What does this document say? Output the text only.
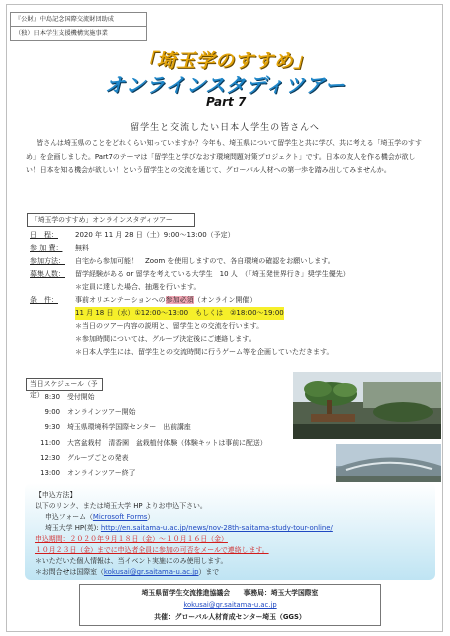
『公財』中島記念国際交流財団助成
（独）日本学生支援機構実施事業
「埼玉学のすすめ」
オンラインスタディツアー
Part 7
留学生と交流したい日本人学生の皆さんへ
皆さんは埼玉県のことをどれくらい知っていますか？今年も、埼玉県について留学生と共に学び、共に考える「埼玉学のすすめ」を企画しました。Part7のテーマは「留学生と学びなおす環境問題対策プロジェクト」です。日本の友人を作る機会が欲しい！日本を知る機会が欲しい！という留学生との交流を通じて、グローバル人材への第一歩を踏み出してみませんか。
「埼玉学のすすめ」オンラインスタディツアー
日　程：	2020 年 11 月 28 日（土）9:00～13:00（予定）
参 加 費：	無料
参加方法：	自宅から参加可能！　Zoom を使用しますので、各自環境の確認をお願いします。
募集人数：	留学経験がある or 留学を考えている大学生　10 人　（「埼玉発世界行き」奨学生優先）
＊定員に達した場合、抽選を行います。
条　件：	事前オリエンテーションへの参加必須（オンライン開催）
11 月 18 日（水）①12:00～13:00　もしくは　②18:00～19:00
＊当日のツアー内容の説明と、留学生との交流を行います。
＊参加時間については、グループ決定後にご連絡します。
＊日本人学生には、留学生との交流時間に行うゲーム等を企画していただきます。
当日スケジュール（予定） 8:30 受付開始
9:00 オンラインツアー開始
9:30 埼玉県環境科学国際センター　出前講座
11:00 大宮盆栽村　清香園　盆栽植付体験（体験キットは事前に配送）
12:30 グループごとの発表
13:00 オンラインツアー終了
【申込方法】
以下のリンク、または埼玉大学 HP よりお申込下さい。
申込フォーム（Microsoft Forms）
埼玉大学 HP(英): http://en.saitama-u.ac.jp/news/nov-28th-saitama-study-tour-online/
申込期間：２０２０年９月１８日（金）～１０月１６日（金）
１０月２３日（金）までに申込者全員に参加の可否をメールで連絡します。
＊いただいた個人情報は、当イベント実施にのみ使用します。
＊お問合せは国際室（kokusai@gr.saitama-u.ac.jp）まで
埼玉県留学生交流推進協議会　　事務局：埼玉大学国際室
kokusai@gr.saitama-u.ac.jp
共催：グローバル人材育成センター埼玉（GGS）
